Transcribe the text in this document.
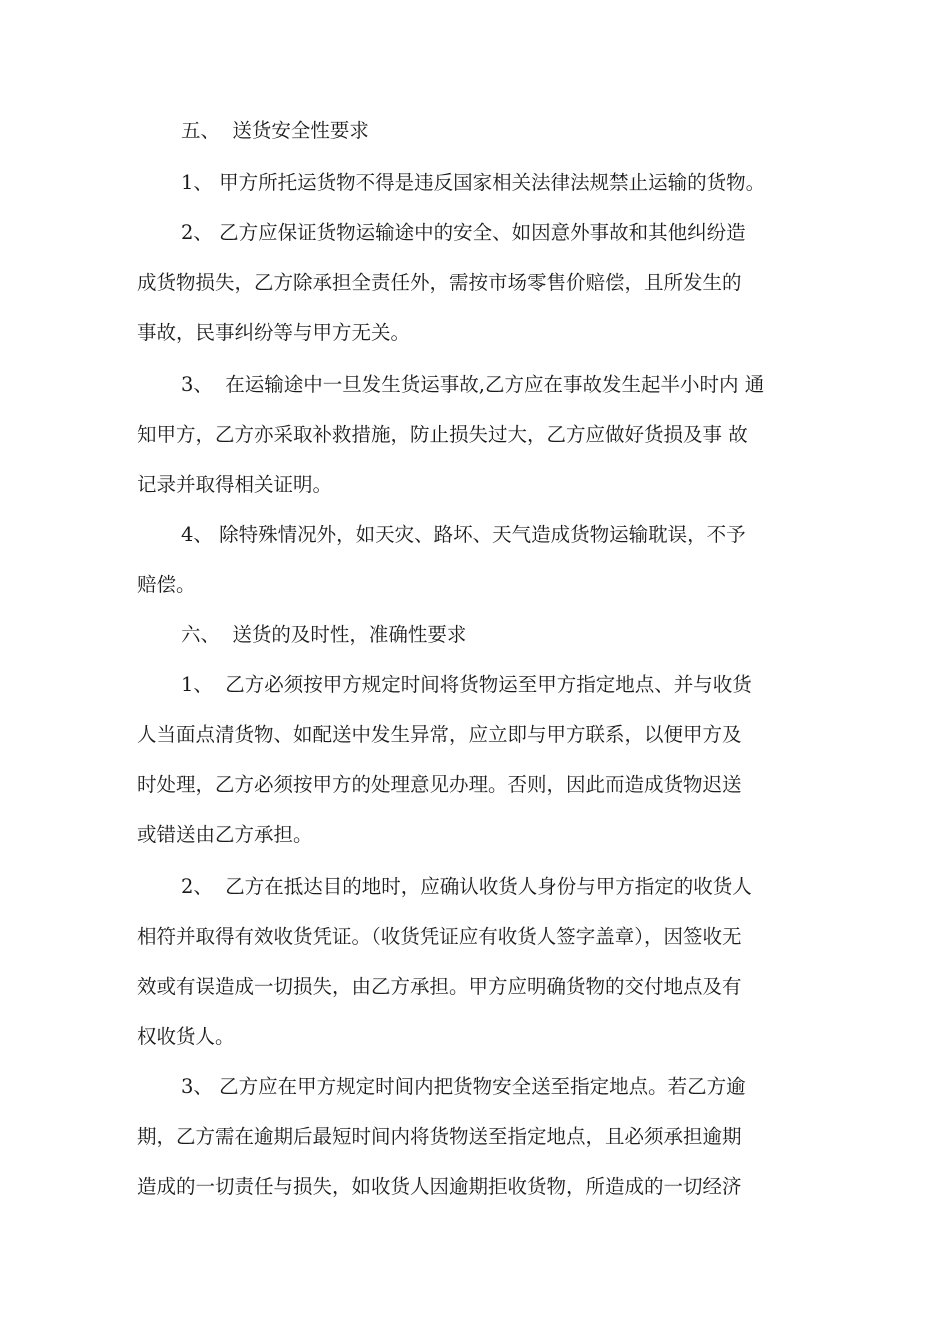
五、  送货安全性要求
1、 甲方所托运货物不得是违反国家相关法律法规禁止运输的货物。
2、 乙方应保证货物运输途中的安全、如因意外事故和其他纠纷造
成货物损失，乙方除承担全责任外，需按市场零售价赔偿，且所发生的
事故，民事纠纷等与甲方无关。
3、  在运输途中一旦发生货运事故,乙方应在事故发生起半小时内 通
知甲方，乙方亦采取补救措施，防止损失过大，乙方应做好货损及事 故
记录并取得相关证明。
4、 除特殊情况外，如天灾、路坏、天气造成货物运输耽误，不予
赔偿。
六、  送货的及时性，准确性要求
1、  乙方必须按甲方规定时间将货物运至甲方指定地点、并与收货
人当面点清货物、如配送中发生异常，应立即与甲方联系，以便甲方及
时处理，乙方必须按甲方的处理意见办理。否则，因此而造成货物迟送
或错送由乙方承担。
2、  乙方在抵达目的地时，应确认收货人身份与甲方指定的收货人
相符并取得有效收货凭证。（收货凭证应有收货人签字盖章），因签收无
效或有误造成一切损失，由乙方承担。甲方应明确货物的交付地点及有
权收货人。
3、 乙方应在甲方规定时间内把货物安全送至指定地点。若乙方逾
期，乙方需在逾期后最短时间内将货物送至指定地点，且必须承担逾期
造成的一切责任与损失，如收货人因逾期拒收货物，所造成的一切经济
